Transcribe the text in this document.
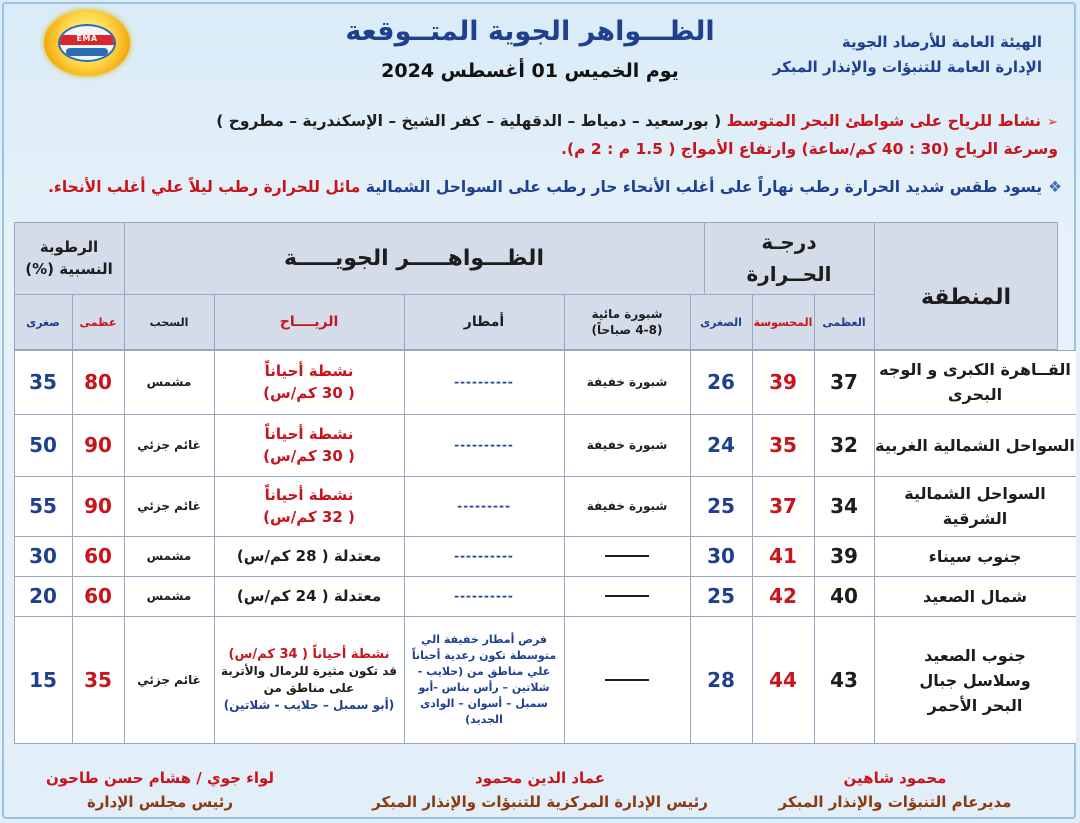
EMA	الظـــواهر الجوية المتــوقعة
يوم الخميس 01 أغسطس 2024
الهيئة العامة للأرصاد الجوية
الإدارة العامة للتنبؤات والإنذار المبكر
➢نشاط للرياح على شواطئ البحر المتوسط ( بورسعيد – دمياط – الدقهلية – كفر الشيخ – الإسكندرية – مطروح )
وسرعة الرياح (30 : 40 كم/ساعة) وارتفاع الأمواج ( 1.5 م : 2 م).
❖يسود طقس شديد الحرارة رطب نهاراً على أغلب الأنحاء حار رطب على السواحل الشمالية مائل للحرارة رطب ليلاً علي أغلب الأنحاء.
المنطقة
درجـة الحــرارة
الظـــواهـــــر الجويـــــة
الرطوبة النسبية (%)
العظمى
المحسوسة
الصغرى
شبورة مائية
(4-8 صباحاً)
أمطار
الريــــاح
السحب
عظمى
صغرى
القــاهرة الكبرى و الوجه البحرى
37
39
26
شبورة خفيفة
----------
نشطة أحياناً
( 30 كم/س)
مشمس
80
35
السواحل الشمالية الغربية
32
35
24
شبورة خفيفة
----------
نشطة أحياناً
( 30 كم/س)
غائم جزئي
90
50
السواحل الشمالية الشرقية
34
37
25
شبورة خفيفة
---------
نشطة أحياناً
( 32 كم/س)
غائم جزئي
90
55
جنوب سيناء
39
41
30
----------
معتدلة ( 28 كم/س)
مشمس
60
30
شمال الصعيد
40
42
25
----------
معتدلة ( 24 كم/س)
مشمس
60
20
جنوب الصعيد وسلاسل جبال البحر الأحمر
43
44
28
فرص أمطار خفيفة الي متوسطة تكون رعدية أحياناً علي مناطق من (حلايب - شلاتين – رأس بناس -أبو سمبل – أسوان – الوادى الجديد)
نشطة أحياناً ( 34 كم/س)
قد تكون مثيرة للرمال والأتربة على مناطق من
(أبو سمبل – حلايب - شلاتين)
غائم جزئي
35
15
محمود شاهين
مديرعام التنبؤات والإنذار المبكر
عماد الدين محمود
رئيس الإدارة المركزية للتنبؤات والإنذار المبكر
لواء جوي / هشام حسن طاحون
رئيس مجلس الإدارة
